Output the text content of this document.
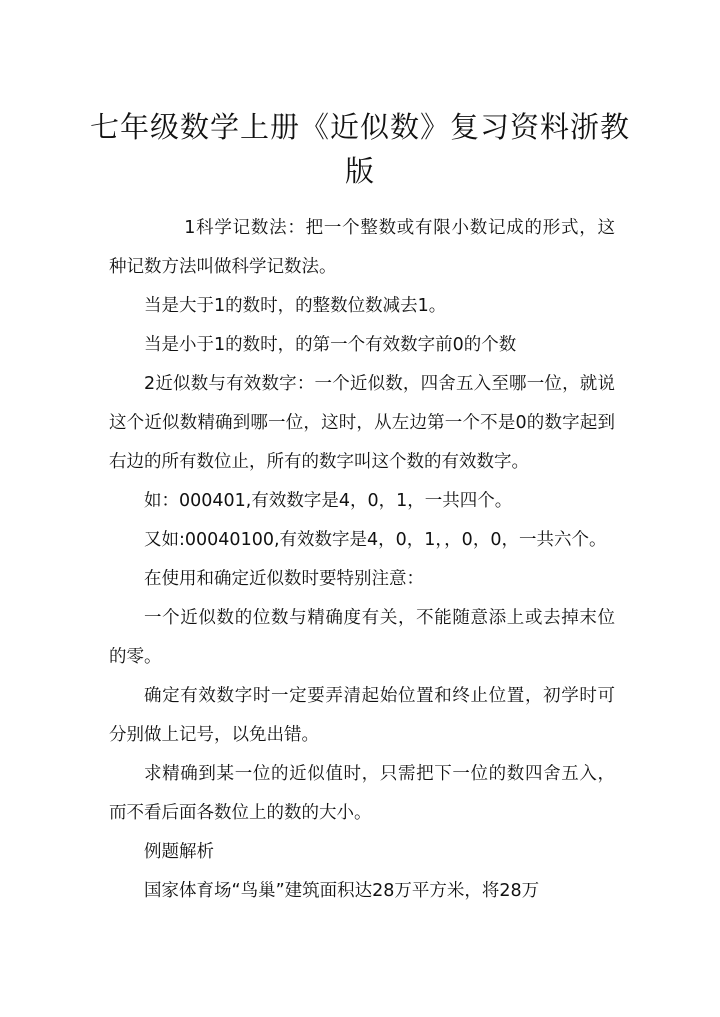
七年级数学上册《近似数》复习资料浙教版

1科学记数法：把一个整数或有限小数记成的形式，这种记数方法叫做科学记数法。

当是大于1的数时，的整数位数减去1。

当是小于1的数时，的第一个有效数字前0的个数

2近似数与有效数字：一个近似数，四舍五入至哪一位，就说这个近似数精确到哪一位，这时，从左边第一个不是0的数字起到右边的所有数位止，所有的数字叫这个数的有效数字。

如：000401,有效数字是4，0，1，一共四个。

又如:00040100,有效数字是4，0，1，，0，0，一共六个。

在使用和确定近似数时要特别注意：

一个近似数的位数与精确度有关，不能随意添上或去掉末位的零。

确定有效数字时一定要弄清起始位置和终止位置，初学时可分别做上记号，以免出错。

求精确到某一位的近似值时，只需把下一位的数四舍五入，而不看后面各数位上的数的大小。

例题解析

国家体育场“鸟巢”建筑面积达28万平方米，将28万
